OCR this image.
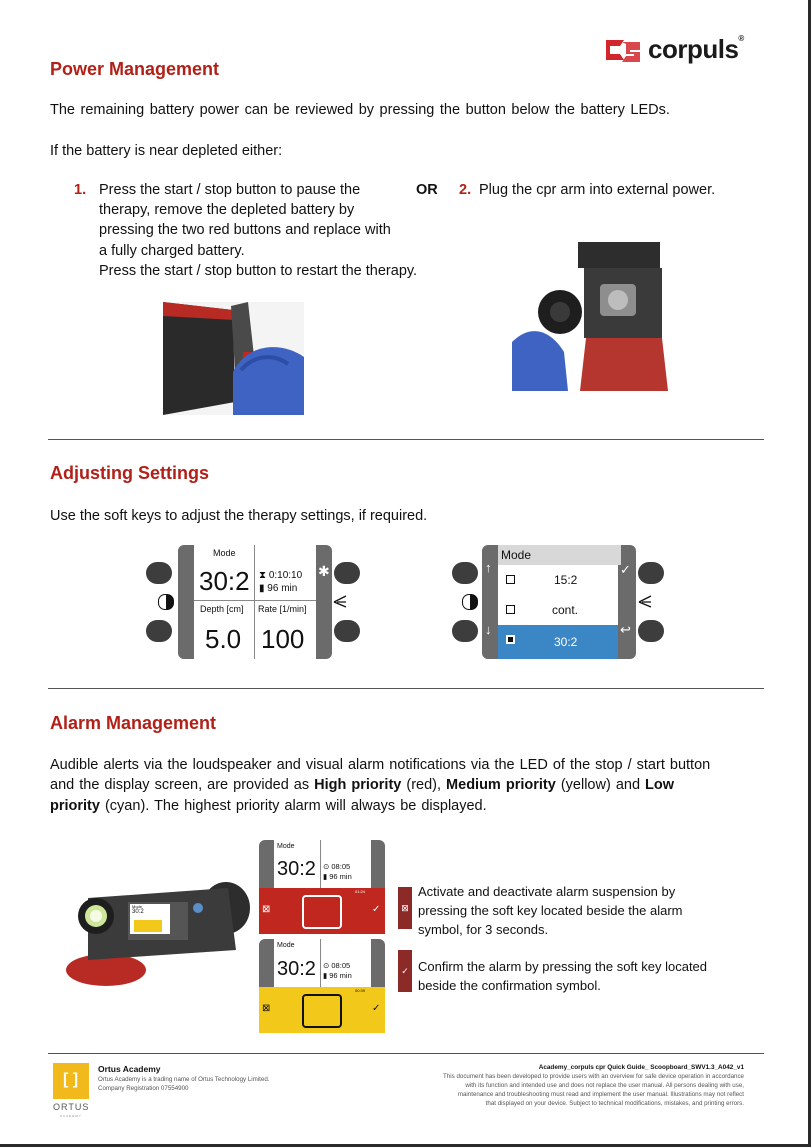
corpuls®
Power Management
The remaining battery power can be reviewed by pressing the button below the battery LEDs.
If the battery is near depleted either:
1. Press the start / stop button to pause the
therapy, remove the depleted battery by
pressing the two red buttons and replace with
a fully charged battery.
Press the start / stop button to restart the therapy.
OR 2. Plug the cpr arm into external power.
Adjusting Settings
Use the soft keys to adjust the therapy settings, if required.
Mode
30:2 ⧗ 0:10:10
▮ 96 min
Depth [cm] Rate [1/min]
5.0 100
✱
Mode
15:2
cont.
30:2
↑
↓
✓
↩
Alarm Management
Audible alerts via the loudspeaker and visual alarm notifications via the LED of the stop / start button
and the display screen, are provided as High priority (red), Medium priority (yellow) and Low
priority (cyan). The highest priority alarm will always be displayed.
Mode
30:2
Mode
30:2 ⊙ 08:05
▮ 96 min
01:24
⊠	✓
Mode
30:2 ⊙ 08:05
▮ 96 min
00:39
⊠	✓
⊠
Activate and deactivate alarm suspension by
pressing the soft key located beside the alarm
symbol, for 3 seconds.
✓ Confirm the alarm by pressing the soft key located
beside the confirmation symbol.
[ ]
ORTUS
ACADEMY
Ortus Academy
Ortus Academy is a trading name of Ortus Technology Limited.
Company Registration 07554900
Academy_corpuls cpr Quick Guide_ Scoopboard_SWV1.3_A042_v1
This document has been developed to provide users with an overview for safe device operation in accordance
with its function and intended use and does not replace the user manual. All persons dealing with use,
maintenance and troubleshooting must read and implement the user manual. Illustrations may not reflect
that displayed on your device. Subject to technical modifications, mistakes, and printing errors.
